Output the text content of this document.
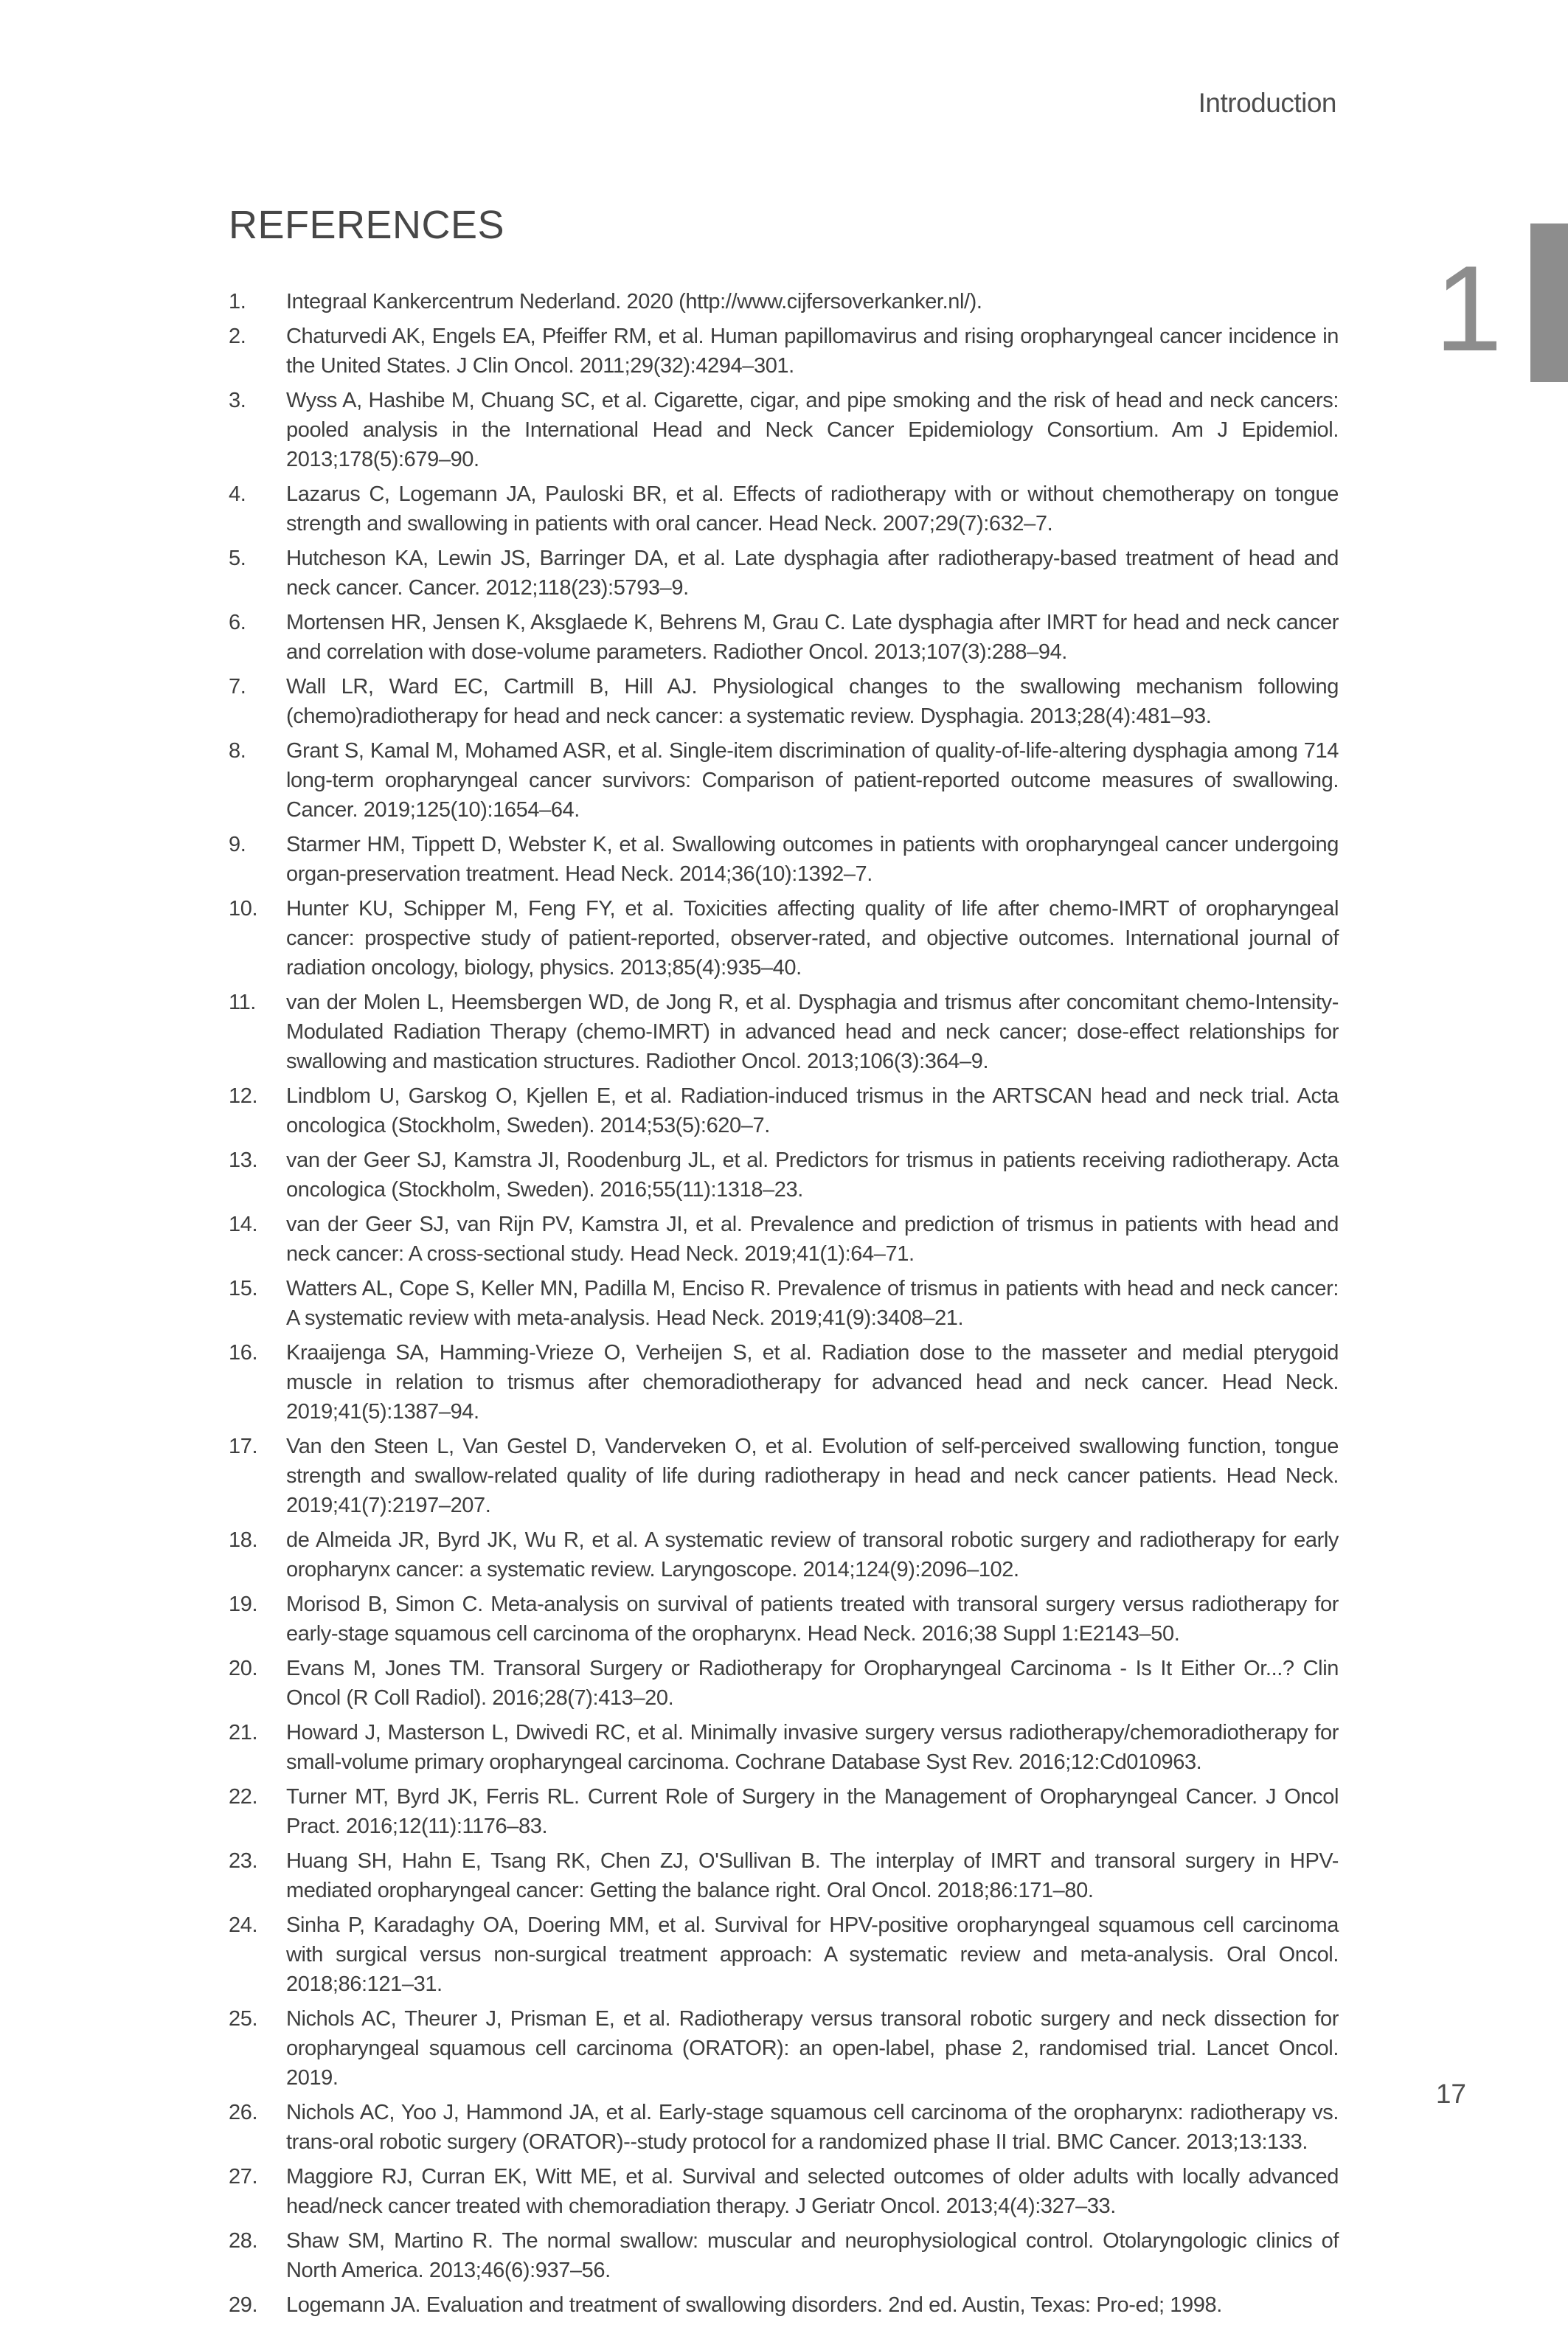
Introduction
1
REFERENCES
1.	Integraal Kankercentrum Nederland. 2020 (http://www.cijfersoverkanker.nl/).
2.	Chaturvedi AK, Engels EA, Pfeiffer RM, et al. Human papillomavirus and rising oropharyngeal cancer incidence in the United States. J Clin Oncol. 2011;29(32):4294–301.
3.	Wyss A, Hashibe M, Chuang SC, et al. Cigarette, cigar, and pipe smoking and the risk of head and neck cancers: pooled analysis in the International Head and Neck Cancer Epidemiology Consortium. Am J Epidemiol. 2013;178(5):679–90.
4.	Lazarus C, Logemann JA, Pauloski BR, et al. Effects of radiotherapy with or without chemotherapy on tongue strength and swallowing in patients with oral cancer. Head Neck. 2007;29(7):632–7.
5.	Hutcheson KA, Lewin JS, Barringer DA, et al. Late dysphagia after radiotherapy-based treatment of head and neck cancer. Cancer. 2012;118(23):5793–9.
6.	Mortensen HR, Jensen K, Aksglaede K, Behrens M, Grau C. Late dysphagia after IMRT for head and neck cancer and correlation with dose-volume parameters. Radiother Oncol. 2013;107(3):288–94.
7.	Wall LR, Ward EC, Cartmill B, Hill AJ. Physiological changes to the swallowing mechanism following (chemo)radiotherapy for head and neck cancer: a systematic review. Dysphagia. 2013;28(4):481–93.
8.	Grant S, Kamal M, Mohamed ASR, et al. Single-item discrimination of quality-of-life-altering dysphagia among 714 long-term oropharyngeal cancer survivors: Comparison of patient-reported outcome measures of swallowing. Cancer. 2019;125(10):1654–64.
9.	Starmer HM, Tippett D, Webster K, et al. Swallowing outcomes in patients with oropharyngeal cancer undergoing organ-preservation treatment. Head Neck. 2014;36(10):1392–7.
10.	Hunter KU, Schipper M, Feng FY, et al. Toxicities affecting quality of life after chemo-IMRT of oropharyngeal cancer: prospective study of patient-reported, observer-rated, and objective outcomes. International journal of radiation oncology, biology, physics. 2013;85(4):935–40.
11.	van der Molen L, Heemsbergen WD, de Jong R, et al. Dysphagia and trismus after concomitant chemo-Intensity-Modulated Radiation Therapy (chemo-IMRT) in advanced head and neck cancer; dose-effect relationships for swallowing and mastication structures. Radiother Oncol. 2013;106(3):364–9.
12.	Lindblom U, Garskog O, Kjellen E, et al. Radiation-induced trismus in the ARTSCAN head and neck trial. Acta oncologica (Stockholm, Sweden). 2014;53(5):620–7.
13.	van der Geer SJ, Kamstra JI, Roodenburg JL, et al. Predictors for trismus in patients receiving radiotherapy. Acta oncologica (Stockholm, Sweden). 2016;55(11):1318–23.
14.	van der Geer SJ, van Rijn PV, Kamstra JI, et al. Prevalence and prediction of trismus in patients with head and neck cancer: A cross-sectional study. Head Neck. 2019;41(1):64–71.
15.	Watters AL, Cope S, Keller MN, Padilla M, Enciso R. Prevalence of trismus in patients with head and neck cancer: A systematic review with meta-analysis. Head Neck. 2019;41(9):3408–21.
16.	Kraaijenga SA, Hamming-Vrieze O, Verheijen S, et al. Radiation dose to the masseter and medial pterygoid muscle in relation to trismus after chemoradiotherapy for advanced head and neck cancer. Head Neck. 2019;41(5):1387–94.
17.	Van den Steen L, Van Gestel D, Vanderveken O, et al. Evolution of self-perceived swallowing function, tongue strength and swallow-related quality of life during radiotherapy in head and neck cancer patients. Head Neck. 2019;41(7):2197–207.
18.	de Almeida JR, Byrd JK, Wu R, et al. A systematic review of transoral robotic surgery and radiotherapy for early oropharynx cancer: a systematic review. Laryngoscope. 2014;124(9):2096–102.
19.	Morisod B, Simon C. Meta-analysis on survival of patients treated with transoral surgery versus radiotherapy for early-stage squamous cell carcinoma of the oropharynx. Head Neck. 2016;38 Suppl 1:E2143–50.
20.	Evans M, Jones TM. Transoral Surgery or Radiotherapy for Oropharyngeal Carcinoma - Is It Either Or...? Clin Oncol (R Coll Radiol). 2016;28(7):413–20.
21.	Howard J, Masterson L, Dwivedi RC, et al. Minimally invasive surgery versus radiotherapy/chemoradiotherapy for small-volume primary oropharyngeal carcinoma. Cochrane Database Syst Rev. 2016;12:Cd010963.
22.	Turner MT, Byrd JK, Ferris RL. Current Role of Surgery in the Management of Oropharyngeal Cancer. J Oncol Pract. 2016;12(11):1176–83.
23.	Huang SH, Hahn E, Tsang RK, Chen ZJ, O'Sullivan B. The interplay of IMRT and transoral surgery in HPV-mediated oropharyngeal cancer: Getting the balance right. Oral Oncol. 2018;86:171–80.
24.	Sinha P, Karadaghy OA, Doering MM, et al. Survival for HPV-positive oropharyngeal squamous cell carcinoma with surgical versus non-surgical treatment approach: A systematic review and meta-analysis. Oral Oncol. 2018;86:121–31.
25.	Nichols AC, Theurer J, Prisman E, et al. Radiotherapy versus transoral robotic surgery and neck dissection for oropharyngeal squamous cell carcinoma (ORATOR): an open-label, phase 2, randomised trial. Lancet Oncol. 2019.
26.	Nichols AC, Yoo J, Hammond JA, et al. Early-stage squamous cell carcinoma of the oropharynx: radiotherapy vs. trans-oral robotic surgery (ORATOR)--study protocol for a randomized phase II trial. BMC Cancer. 2013;13:133.
27.	Maggiore RJ, Curran EK, Witt ME, et al. Survival and selected outcomes of older adults with locally advanced head/neck cancer treated with chemoradiation therapy. J Geriatr Oncol. 2013;4(4):327–33.
28.	Shaw SM, Martino R. The normal swallow: muscular and neurophysiological control. Otolaryngologic clinics of North America. 2013;46(6):937–56.
29.	Logemann JA. Evaluation and treatment of swallowing disorders. 2nd ed. Austin, Texas: Pro-ed; 1998.
17
